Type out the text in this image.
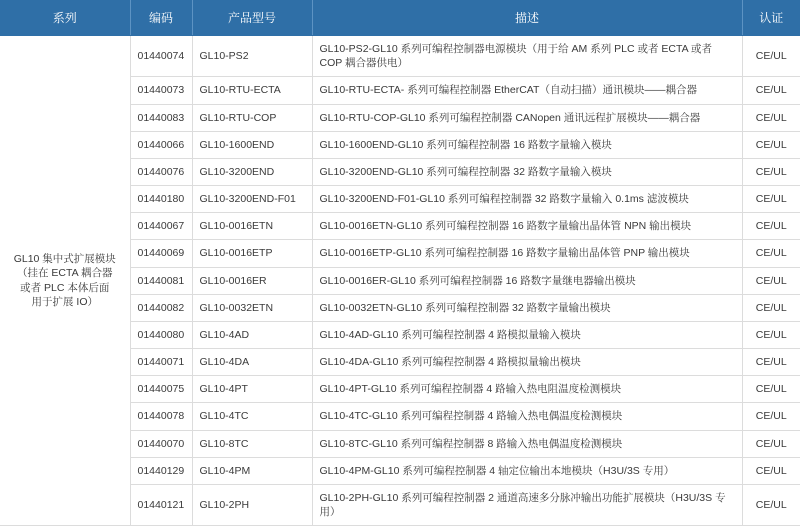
系列	编码	产品型号	描述	认证

GL10 集中式扩展模块
（挂在 ECTA 耦合器
或者 PLC 本体后面
用于扩展 IO）	01440074	GL10-PS2	GL10-PS2-GL10 系列可编程控制器电源模块（用于给 AM 系列 PLC 或者 ECTA 或者 COP 耦合器供电）	CE/UL
	01440073	GL10-RTU-ECTA	GL10-RTU-ECTA- 系列可编程控制器 EtherCAT（自动扫描）通讯模块——耦合器	CE/UL
	01440083	GL10-RTU-COP	GL10-RTU-COP-GL10 系列可编程控制器 CANopen 通讯远程扩展模块——耦合器	CE/UL
	01440066	GL10-1600END	GL10-1600END-GL10 系列可编程控制器 16 路数字量输入模块	CE/UL
	01440076	GL10-3200END	GL10-3200END-GL10 系列可编程控制器 32 路数字量输入模块	CE/UL
	01440180	GL10-3200END-F01	GL10-3200END-F01-GL10 系列可编程控制器 32 路数字量输入 0.1ms 滤波模块	CE/UL
	01440067	GL10-0016ETN	GL10-0016ETN-GL10 系列可编程控制器 16 路数字量输出晶体管 NPN 输出模块	CE/UL
	01440069	GL10-0016ETP	GL10-0016ETP-GL10 系列可编程控制器 16 路数字量输出晶体管 PNP 输出模块	CE/UL
	01440081	GL10-0016ER	GL10-0016ER-GL10 系列可编程控制器 16 路数字量继电器输出模块	CE/UL
	01440082	GL10-0032ETN	GL10-0032ETN-GL10 系列可编程控制器 32 路数字量输出模块	CE/UL
	01440080	GL10-4AD	GL10-4AD-GL10 系列可编程控制器 4 路模拟量输入模块	CE/UL
	01440071	GL10-4DA	GL10-4DA-GL10 系列可编程控制器 4 路模拟量输出模块	CE/UL
	01440075	GL10-4PT	GL10-4PT-GL10 系列可编程控制器 4 路输入热电阻温度检测模块	CE/UL
	01440078	GL10-4TC	GL10-4TC-GL10 系列可编程控制器 4 路输入热电偶温度检测模块	CE/UL
	01440070	GL10-8TC	GL10-8TC-GL10 系列可编程控制器 8 路输入热电偶温度检测模块	CE/UL
	01440129	GL10-4PM	GL10-4PM-GL10 系列可编程控制器 4 轴定位输出本地模块（H3U/3S 专用）	CE/UL
	01440121	GL10-2PH	GL10-2PH-GL10 系列可编程控制器 2 通道高速多分脉冲输出功能扩展模块（H3U/3S 专用）	CE/UL
